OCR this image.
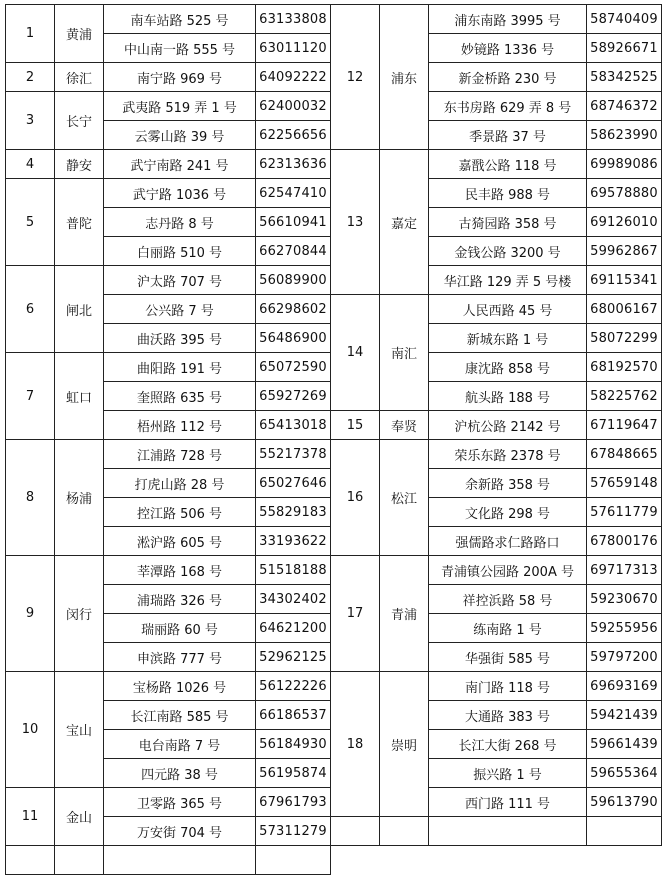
1	黄浦	南车站路 525 号	63133808	12	浦东	浦东南路 3995 号	58740409
		中山南一路 555 号	63011120			妙镜路 1336 号	58926671
2	徐汇	南宁路 969 号	64092222			新金桥路 230 号	58342525
3	长宁	武夷路 519 弄 1 号	62400032			东书房路 629 弄 8 号	68746372
		云雾山路 39 号	62256656			季景路 37 号	58623990
4	静安	武宁南路 241 号	62313636	13	嘉定	嘉戬公路 118 号	69989086
5	普陀	武宁路 1036 号	62547410			民丰路 988 号	69578880
		志丹路 8 号	56610941			古猗园路 358 号	69126010
		白丽路 510 号	66270844			金钱公路 3200 号	59962867
6	闸北	沪太路 707 号	56089900			华江路 129 弄 5 号楼	69115341
		公兴路 7 号	66298602	14	南汇	人民西路 45 号	68006167
		曲沃路 395 号	56486900			新城东路 1 号	58072299
7	虹口	曲阳路 191 号	65072590			康沈路 858 号	68192570
		奎照路 635 号	65927269			航头路 188 号	58225762
		梧州路 112 号	65413018	15	奉贤	沪杭公路 2142 号	67119647
8	杨浦	江浦路 728 号	55217378	16	松江	荣乐东路 2378 号	67848665
		打虎山路 28 号	65027646			余新路 358 号	57659148
		控江路 506 号	55829183			文化路 298 号	57611779
		淞沪路 605 号	33193622			强儒路求仁路路口	67800176
9	闵行	莘潭路 168 号	51518188	17	青浦	青浦镇公园路 200A 号	69717313
		浦瑞路 326 号	34302402			祥控浜路 58 号	59230670
		瑞丽路 60 号	64621200			练南路 1 号	59255956
		申滨路 777 号	52962125			华强街 585 号	59797200
10	宝山	宝杨路 1026 号	56122226	18	崇明	南门路 118 号	69693169
		长江南路 585 号	66186537			大通路 383 号	59421439
		电台南路 7 号	56184930			长江大街 268 号	59661439
		四元路 38 号	56195874			振兴路 1 号	59655364
11	金山	卫零路 365 号	67961793			西门路 111 号	59613790
		万安街 704 号	57311279				
